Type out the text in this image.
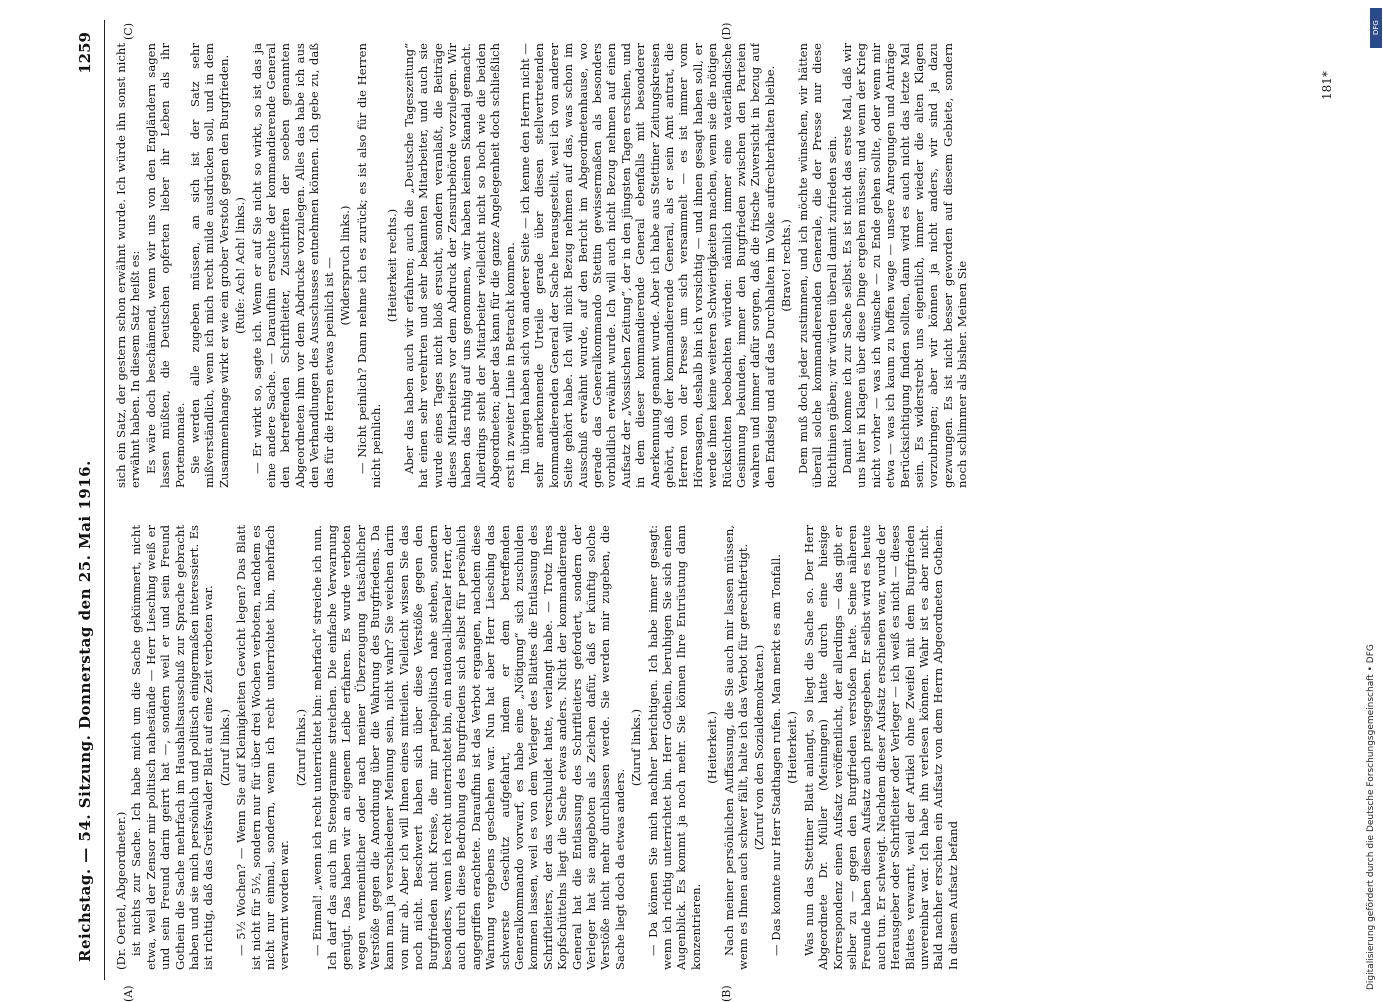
Reichstag. — 54. Sitzung. Donnerstag den 25. Mai 1916.
1259
(A)	(B)
(C)	(D)

(Dr. Oertel, Abgeordneter.) ist nichts zur Sache. Ich habe mich um die Sache gekümmert, nicht etwa, weil der Zensor mir politisch nahestände — Herr Liesching weiß er und sein Freund darin geirrt hat —, sondern weil er und sein Freund Gothein die Sache mehrfach im Haushaltsausschuß zur Sprache gebracht haben und sie mich persönlich und politisch einigermaßen interessiert. Es ist richtig, daß das Greifswalder Blatt auf eine Zeit verboten war. (Zuruf links.) — 5½ Wochen? — Wenn Sie auf Kleinigkeiten Gewicht legen? Das Blatt ist nicht für 5½, sondern nur für über drei Wochen verboten, nachdem es nicht nur einmal, sondern, wenn ich recht unterrichtet bin, mehrfach verwarnt worden war.

(Zuruf links.) — Einmal! „wenn ich recht unterrichtet bin: mehrfach“ streiche ich nun. Ich darf das auch im Stenogramme streichen. Die einfache Verwarnung genügt. Das haben wir an eigenem Leibe erfahren. Es wurde verboten wegen vermeintlicher oder nach meiner Überzeugung tatsächlicher Verstöße gegen die Anordnung über die Wahrung des Burgfriedens. Da kann man ja verschiedener Meinung sein, nicht wahr? Sie weichen darin von mir ab. Aber ich will Ihnen eines mitteilen. Vielleicht wissen Sie das noch nicht. Beschwert haben sich über diese Verstöße gegen den Burgfrieden nicht Kreise, die mir parteipolitisch nahe stehen, sondern besonders, wenn ich recht unterrichtet bin, ein national-liberaler Herr, der auch durch diese Bedrohung des Burgfriedens sich selbst für persönlich angegriffen erachtete. Daraufhin ist das Verbot ergangen, nachdem diese Warnung vergebens geschehen war. Nun hat aber Herr Liesching das schwerste Geschütz aufgefahrt, indem er dem betreffenden Generalkommando vorwarf, es habe eine „Nötigung“ sich zuschulden kommen lassen, weil es von dem Verleger des Blattes die Entlassung des Schriftleiters, der das verschuldet hatte, verlangt habe. — Trotz Ihres Kopfschüttelns liegt die Sache etwas anders. Nicht der kommandierende General hat die Entlassung des Schriftleiters gefordert, sondern der Verleger hat sie angeboten als Zeichen dafür, daß er künftig solche Verstöße nicht mehr durchlassen werde. Sie werden mir zugeben, die Sache liegt doch da etwas anders.

(Zuruf links.) — Da können Sie mich nachher berichtigen. Ich habe immer gesagt: wenn ich richtig unterrichtet bin. Herr Gothein, beruhigen Sie sich einen Augenblick. Es kommt ja noch mehr. Sie können Ihre Entrüstung dann konzentrieren.

(Heiterkeit.) Nach meiner persönlichen Auffassung, die Sie auch mir lassen müssen, wenn es Ihnen auch schwer fällt, halte ich das Verbot für gerechtfertigt. (Zuruf von den Sozialdemokraten.) — Das konnte nur Herr Stadthagen rufen. Man merkt es am Tonfall. (Heiterkeit.) Was nun das Stettiner Blatt anlangt, so liegt die Sache so. Der Herr Abgeordnete Dr. Müller (Meiningen) hatte durch eine hiesige Korrespondenz einen Aufsatz veröffentlicht, der allerdings — das gibt er selber zu — gegen den Burgfrieden verstoßen hatte. Seine näheren Freunde haben diesen Aufsatz auch preisgegeben. Er selbst wird es heute auch tun. Er schweigt. Nachdem dieser Aufsatz erschienen war, wurde der Herausgeber oder Schriftleiter oder Verleger — ich weiß es nicht — dieses Blattes verwarnt, weil der Artikel ohne Zweifel mit dem Burgfrieden unvereinbar war. Ich habe ihn verlesen können. Wahr ist es aber nicht. Bald nachher erschien ein Aufsatz von dem Herrn Abgeordneten Gothein. In diesem Aufsatz befand

sich ein Satz, der gestern schon erwähnt wurde. Ich würde ihn sonst nicht erwähnt haben. In diesem Satz heißt es: Es wäre doch beschämend, wenn wir uns von den Engländern sagen lassen müßten, die Deutschen opferten lieber ihr Leben als ihr Portemonnaie. Sie werden alle zugeben müssen, an sich ist der Satz sehr mißverständlich, wenn ich mich recht milde ausdrücken soll, und in dem Zusammenhange wirkt er wie ein grober Verstoß gegen den Burgfrieden. (Rufe: Ach! Ach! links.) — Er wirkt so, sagte ich. Wenn er auf Sie nicht so wirkt, so ist das ja eine andere Sache. — Daraufhin ersuchte der kommandierende General den betreffenden Schriftleiter, Zuschriften der soeben genannten Abgeordneten ihm vor dem Abdrucke vorzulegen. Alles das habe ich aus den Verhandlungen des Ausschusses entnehmen können. Ich gebe zu, daß das für die Herren etwas peinlich ist — (Widerspruch links.) — Nicht peinlich? Dann nehme ich es zurück; es ist also für die Herren nicht peinlich.

(Heiterkeit rechts.) Aber das haben auch wir erfahren; auch die „Deutsche Tageszeitung“ hat einen sehr verehrten und sehr bekannten Mitarbeiter, und auch sie wurde eines Tages nicht bloß ersucht, sondern veranlaßt, die Beiträge dieses Mitarbeiters vor dem Abdruck der Zensurbehörde vorzulegen. Wir haben das ruhig auf uns genommen, wir haben keinen Skandal gemacht. Allerdings steht der Mitarbeiter vielleicht nicht so hoch wie die beiden Abgeordneten; aber das kann für die ganze Angelegenheit doch schließlich erst in zweiter Linie in Betracht kommen. Im übrigen haben sich von anderer Seite — ich kenne den Herrn nicht — sehr anerkennende Urteile gerade über diesen stellvertretenden kommandierenden General der Sache herausgestellt, weil ich von anderer Seite gehört habe. Ich will nicht Bezug nehmen auf das, was schon im Ausschuß erwähnt wurde, auf den Bericht im Abgeordnetenhause, wo gerade das Generalkommando Stettin gewissermaßen als besonders vorbildlich erwähnt wurde. Ich will auch nicht Bezug nehmen auf einen Aufsatz der „Vossischen Zeitung“, der in den jüngsten Tagen erschien, und in dem dieser kommandierende General ebenfalls mit besonderer Anerkennung genannt wurde. Aber ich habe aus Stettiner Zeitungskreisen gehört, daß der kommandierende General, als er sein Amt antrat, die Herren von der Presse um sich versammelt — es ist immer vom Hörensagen, deshalb bin ich vorsichtig — und ihnen gesagt haben soll, er werde ihnen keine weiteren Schwierigkeiten machen, wenn sie die nötigen Rücksichten beobachten würden: nämlich immer eine vaterländische Gesinnung bekunden, immer den Burgfrieden zwischen den Parteien wahren und immer dafür sorgen, daß die frische Zuversicht in bezug auf den Endsieg und auf das Durchhalten im Volke aufrechterhalten bleibe. (Bravo! rechts.) Dem muß doch jeder zustimmen, und ich möchte wünschen, wir hätten überall solche kommandierenden Generale, die der Presse nur diese Richtlinien gäben; wir würden überall damit zufrieden sein. Damit komme ich zur Sache selbst. Es ist nicht das erste Mal, daß wir uns hier in Klagen über diese Dinge ergehen müssen; und wenn der Krieg nicht vorher — was ich wünsche — zu Ende gehen sollte, oder wenn mir etwa — was ich kaum zu hoffen wage — unsere Anregungen und Anträge Berücksichtigung finden sollten, dann wird es auch nicht das letzte Mal sein. Es widerstrebt uns eigentlich, immer wieder die alten Klagen vorzubringen; aber wir können ja nicht anders, wir sind ja dazu gezwungen. Es ist nicht besser geworden auf diesem Gebiete, sondern noch schlimmer als bisher. Meinen Sie

181*
Digitalisierung gefördert durch die Deutsche Forschungsgemeinschaft • DFG
DFG
